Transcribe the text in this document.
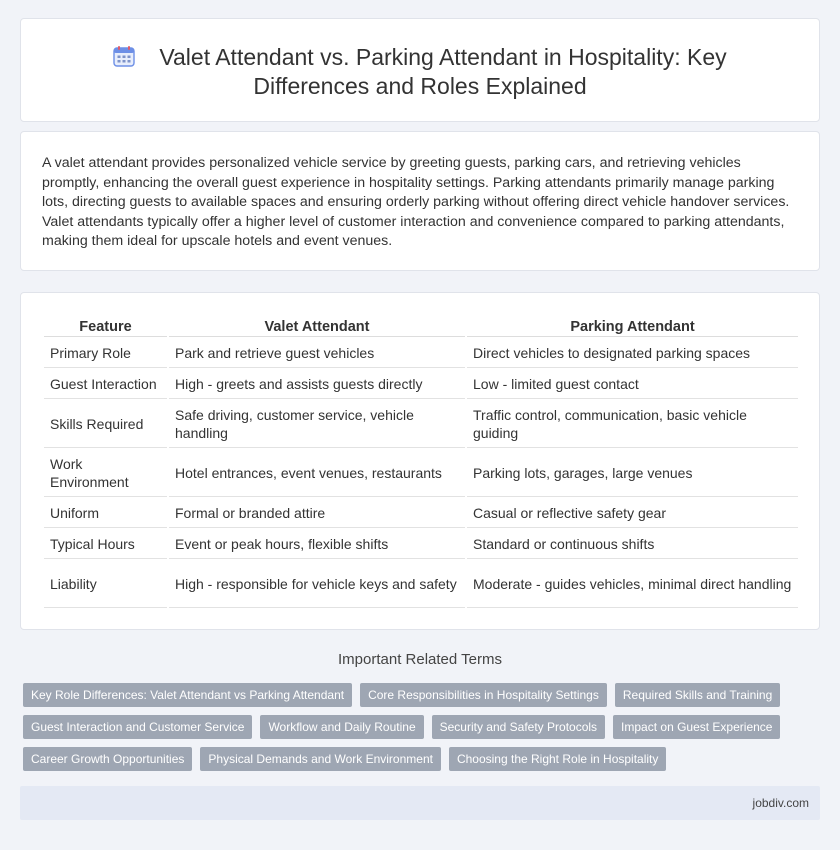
Valet Attendant vs. Parking Attendant in Hospitality: Key
Differences and Roles Explained

A valet attendant provides personalized vehicle service by greeting guests, parking cars, and retrieving vehicles promptly, enhancing the overall guest experience in hospitality settings. Parking attendants primarily manage parking lots, directing guests to available spaces and ensuring orderly parking without offering direct vehicle handover services. Valet attendants typically offer a higher level of customer interaction and convenience compared to parking attendants, making them ideal for upscale hotels and event venues.

Feature	Valet Attendant	Parking Attendant
Primary Role	Park and retrieve guest vehicles	Direct vehicles to designated parking spaces
Guest Interaction	High - greets and assists guests directly	Low - limited guest contact
Skills Required	Safe driving, customer service, vehicle handling	Traffic control, communication, basic vehicle guiding
Work Environment	Hotel entrances, event venues, restaurants	Parking lots, garages, large venues
Uniform	Formal or branded attire	Casual or reflective safety gear
Typical Hours	Event or peak hours, flexible shifts	Standard or continuous shifts
Liability	High - responsible for vehicle keys and safety	Moderate - guides vehicles, minimal direct handling
Important Related Terms
Key Role Differences: Valet Attendant vs Parking Attendant	Core Responsibilities in Hospitality Settings	Required Skills and Training
Guest Interaction and Customer Service	Workflow and Daily Routine	Security and Safety Protocols	Impact on Guest Experience
Career Growth Opportunities	Physical Demands and Work Environment	Choosing the Right Role in Hospitality
jobdiv.com
